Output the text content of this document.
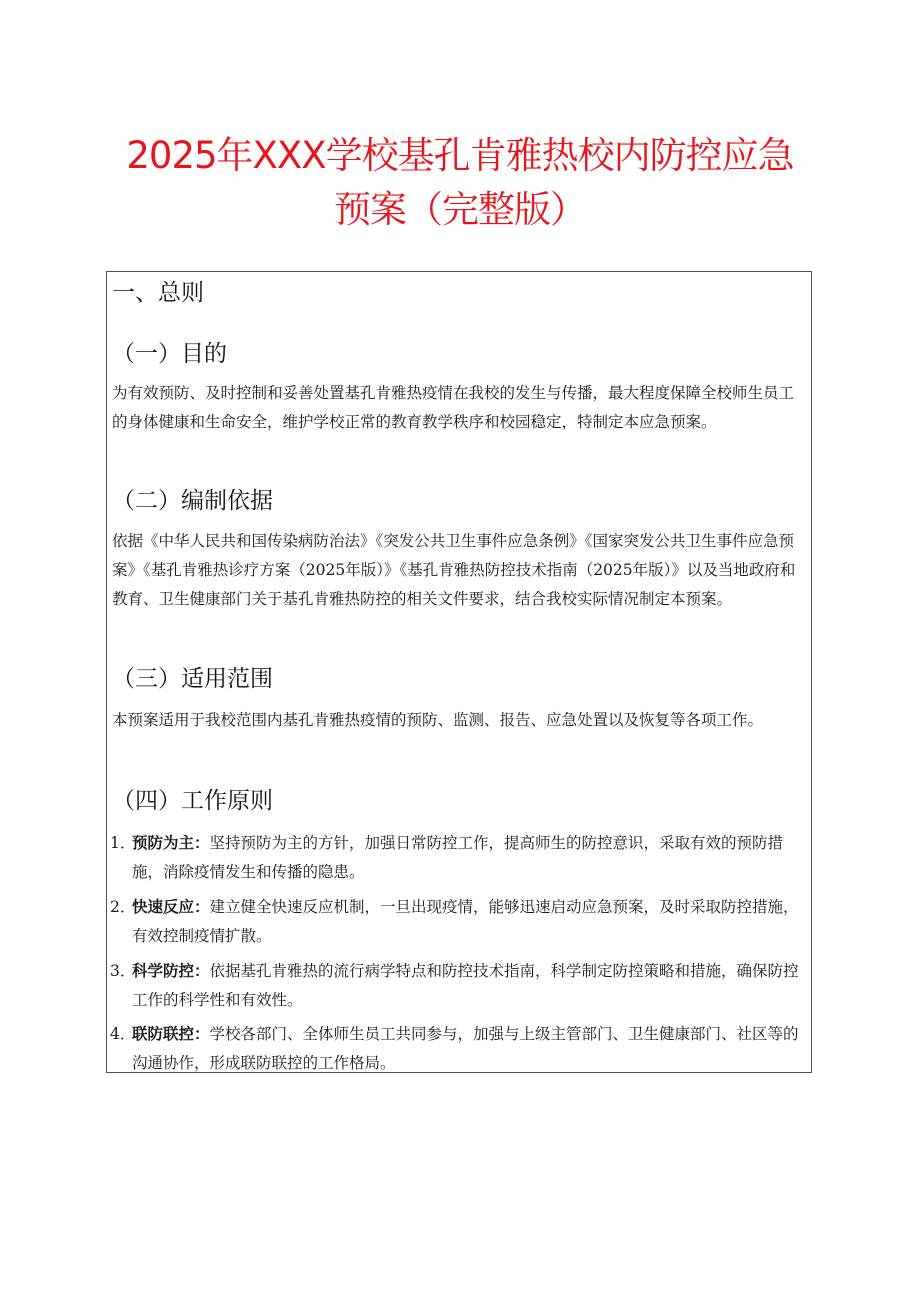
2025年XXX学校基孔肯雅热校内防控应急
预案（完整版）
一、总则
（一）目的
为有效预防、及时控制和妥善处置基孔肯雅热疫情在我校的发生与传播，最大程度保障全校师生员工的身体健康和生命安全，维护学校正常的教育教学秩序和校园稳定，特制定本应急预案。
（二）编制依据
依据《中华人民共和国传染病防治法》《突发公共卫生事件应急条例》《国家突发公共卫生事件应急预案》《基孔肯雅热诊疗方案（2025年版）》《基孔肯雅热防控技术指南（2025年版）》以及当地政府和教育、卫生健康部门关于基孔肯雅热防控的相关文件要求，结合我校实际情况制定本预案。
（三）适用范围
本预案适用于我校范围内基孔肯雅热疫情的预防、监测、报告、应急处置以及恢复等各项工作。
（四）工作原则
1．
预防为主：坚持预防为主的方针，加强日常防控工作，提高师生的防控意识，采取有效的预防措施，消除疫情发生和传播的隐患。
2．
快速反应：建立健全快速反应机制，一旦出现疫情，能够迅速启动应急预案，及时采取防控措施，有效控制疫情扩散。
3．
科学防控：依据基孔肯雅热的流行病学特点和防控技术指南，科学制定防控策略和措施，确保防控工作的科学性和有效性。
4．
联防联控：学校各部门、全体师生员工共同参与，加强与上级主管部门、卫生健康部门、社区等的沟通协作，形成联防联控的工作格局。
